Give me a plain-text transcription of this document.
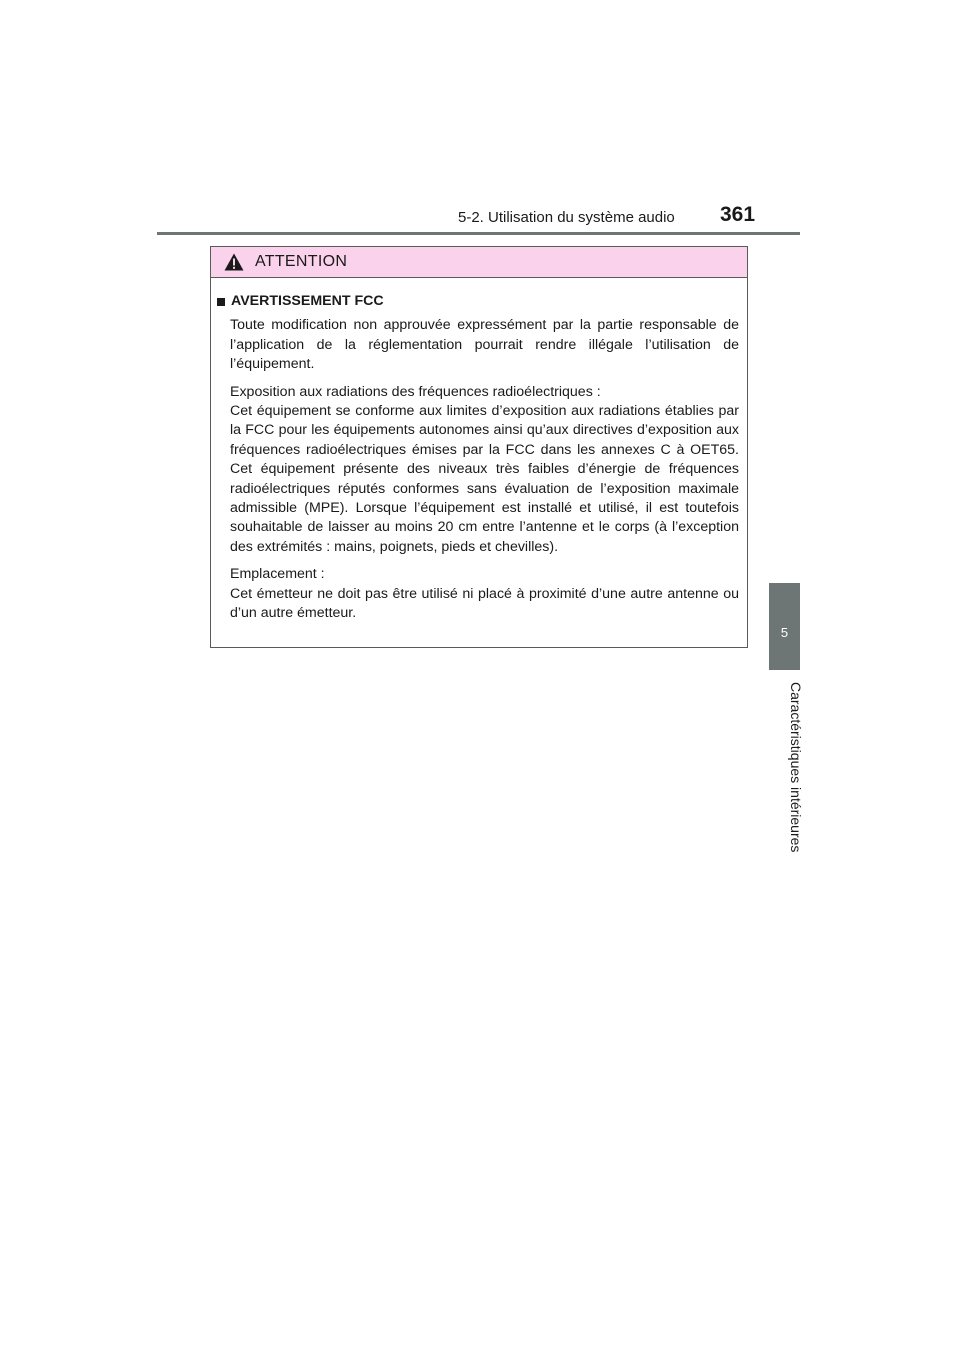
5-2. Utilisation du système audio 361
5
Caractéristiques intérieures
ATTENTION
AVERTISSEMENT FCC

Toute modification non approuvée expressément par la partie responsable de l’application de la réglementation pourrait rendre illégale l’utilisation de l’équipement.

Exposition aux radiations des fréquences radioélectriques :
Cet équipement se conforme aux limites d’exposition aux radiations établies par la FCC pour les équipements autonomes ainsi qu’aux directives d’exposition aux fréquences radioélectriques émises par la FCC dans les annexes C à OET65. Cet équipement présente des niveaux très faibles d’énergie de fréquences radioélectriques réputés conformes sans évaluation de l’exposition maximale admissible (MPE). Lorsque l’équipement est installé et utilisé, il est toutefois souhaitable de laisser au moins 20 cm entre l’antenne et le corps (à l’exception des extrémités : mains, poignets, pieds et chevilles).

Emplacement :
Cet émetteur ne doit pas être utilisé ni placé à proximité d’une autre antenne ou d’un autre émetteur.
